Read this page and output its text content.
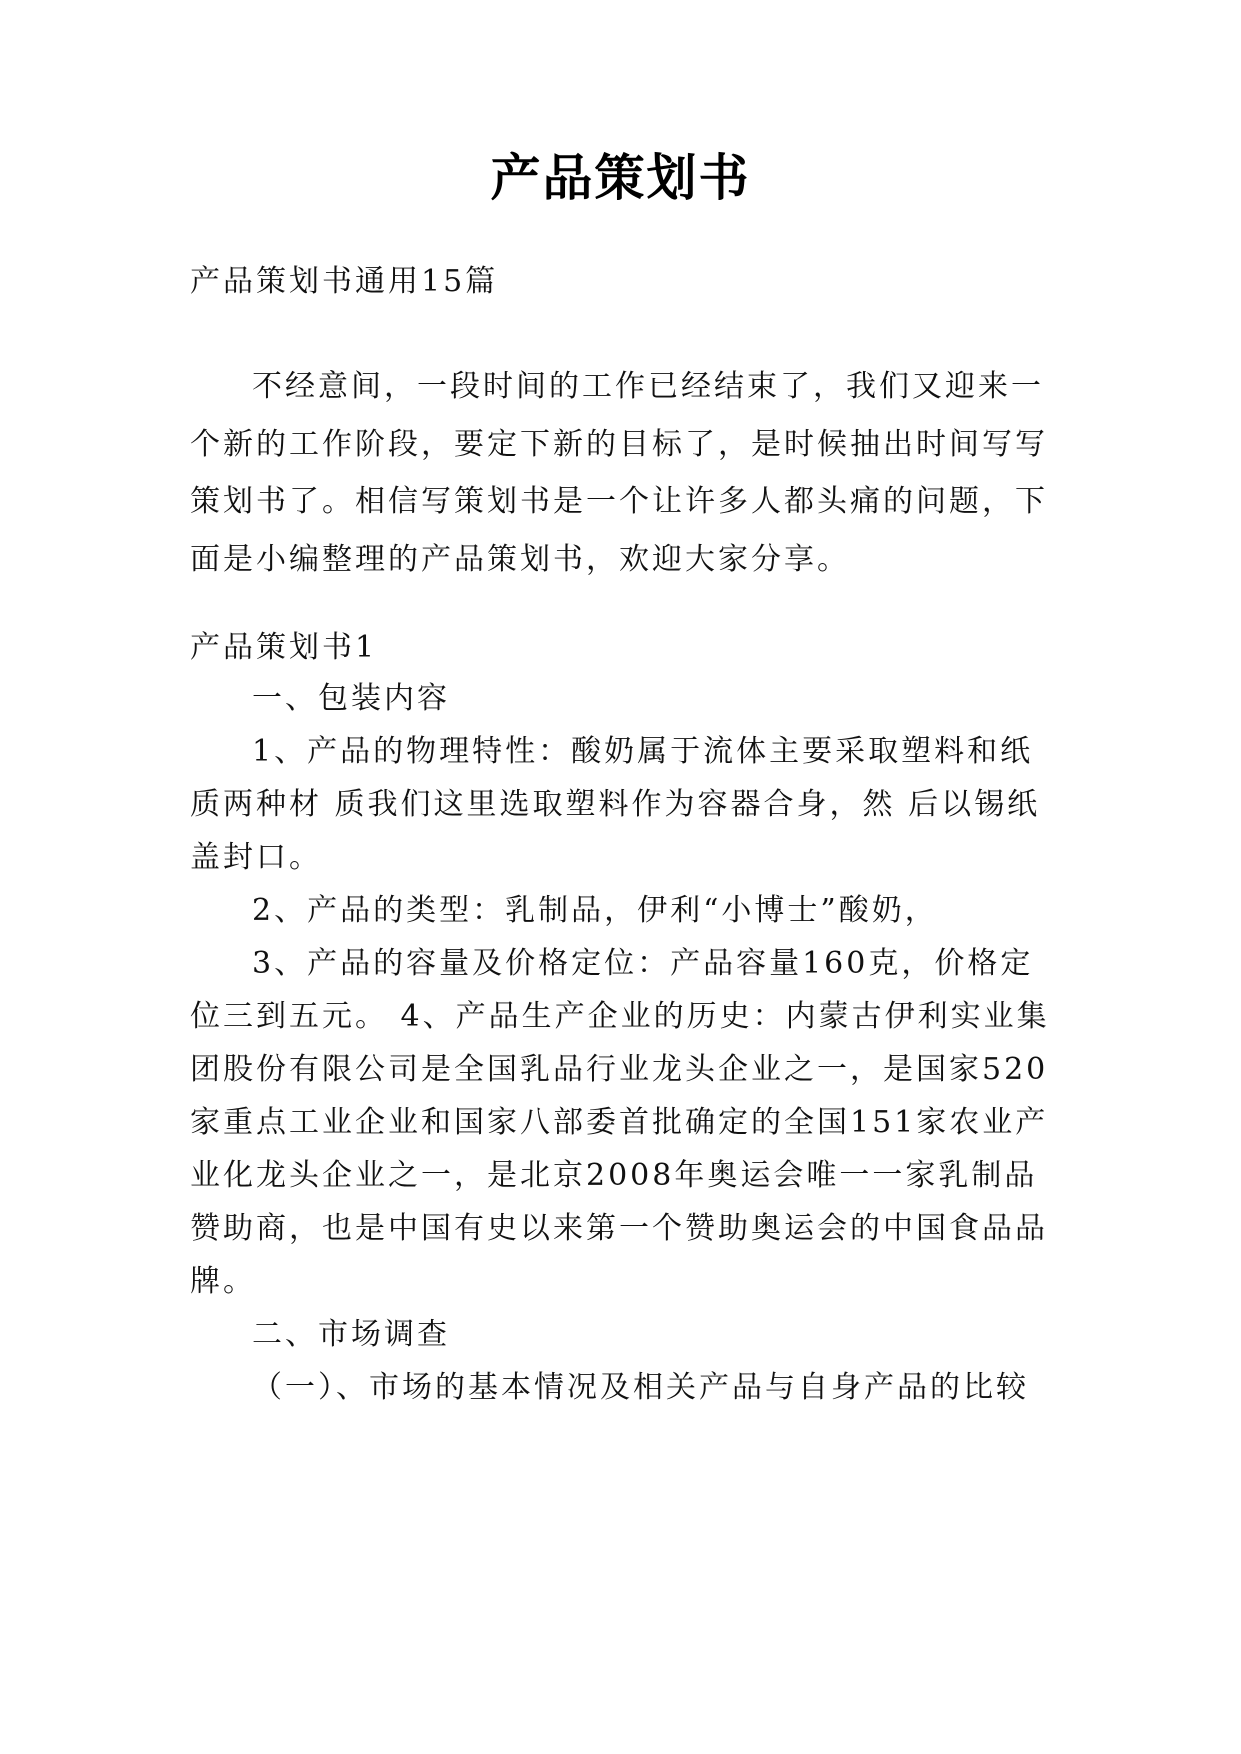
产品策划书
产品策划书通用15篇
不经意间，一段时间的工作已经结束了，我们又迎来一
个新的工作阶段，要定下新的目标了，是时候抽出时间写写
策划书了。相信写策划书是一个让许多人都头痛的问题，下
面是小编整理的产品策划书，欢迎大家分享。
产品策划书1
一、包装内容
1、产品的物理特性：酸奶属于流体主要采取塑料和纸
质两种材 质我们这里选取塑料作为容器合身，然 后以锡纸
盖封口。
2、产品的类型：乳制品，伊利“小博士”酸奶，
3、产品的容量及价格定位：产品容量160克，价格定
位三到五元。 4、产品生产企业的历史：内蒙古伊利实业集
团股份有限公司是全国乳品行业龙头企业之一，是国家520
家重点工业企业和国家八部委首批确定的全国151家农业产
业化龙头企业之一，是北京2008年奥运会唯一一家乳制品
赞助商，也是中国有史以来第一个赞助奥运会的中国食品品
牌。
二、市场调查
（一）、市场的基本情况及相关产品与自身产品的比较
